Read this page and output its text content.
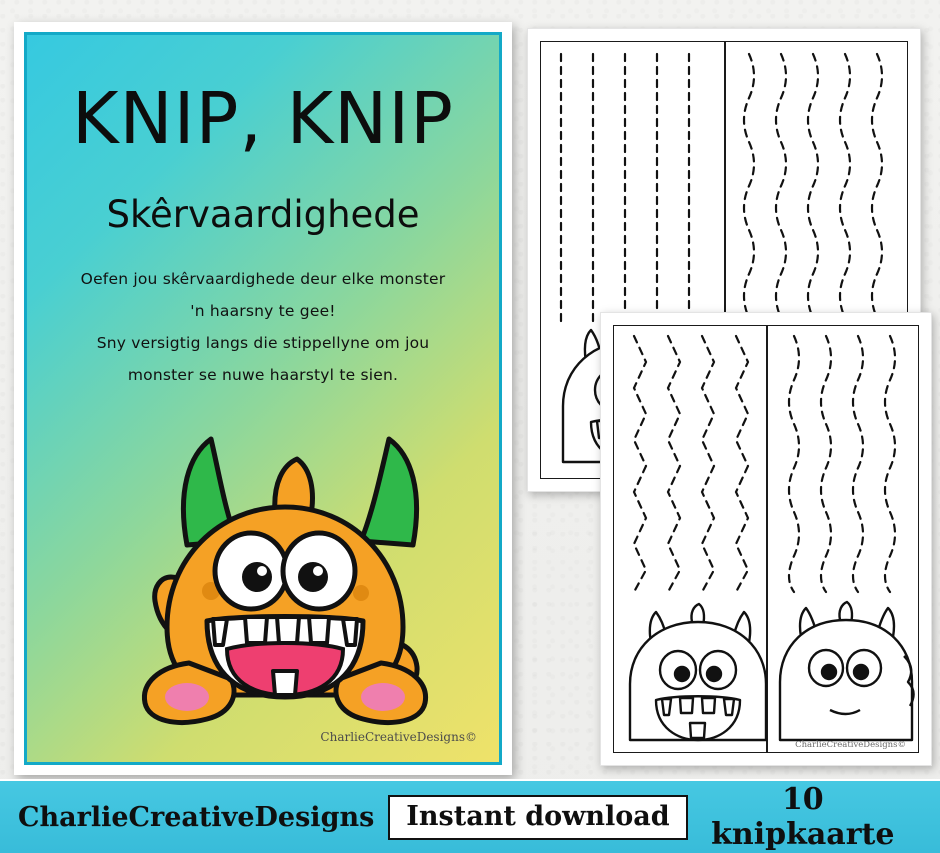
KNIP, KNIP
Skêrvaardighede
Oefen jou skêrvaardighede deur elke monster 'n haarsny te gee!
Sny versigtig langs die stippellyne om jou monster se nuwe haarstyl te sien.
CharlieCreativeDesigns©
CharlieCreativeDesigns©
CharlieCreativeDesigns	Instant download	10 knipkaarte
